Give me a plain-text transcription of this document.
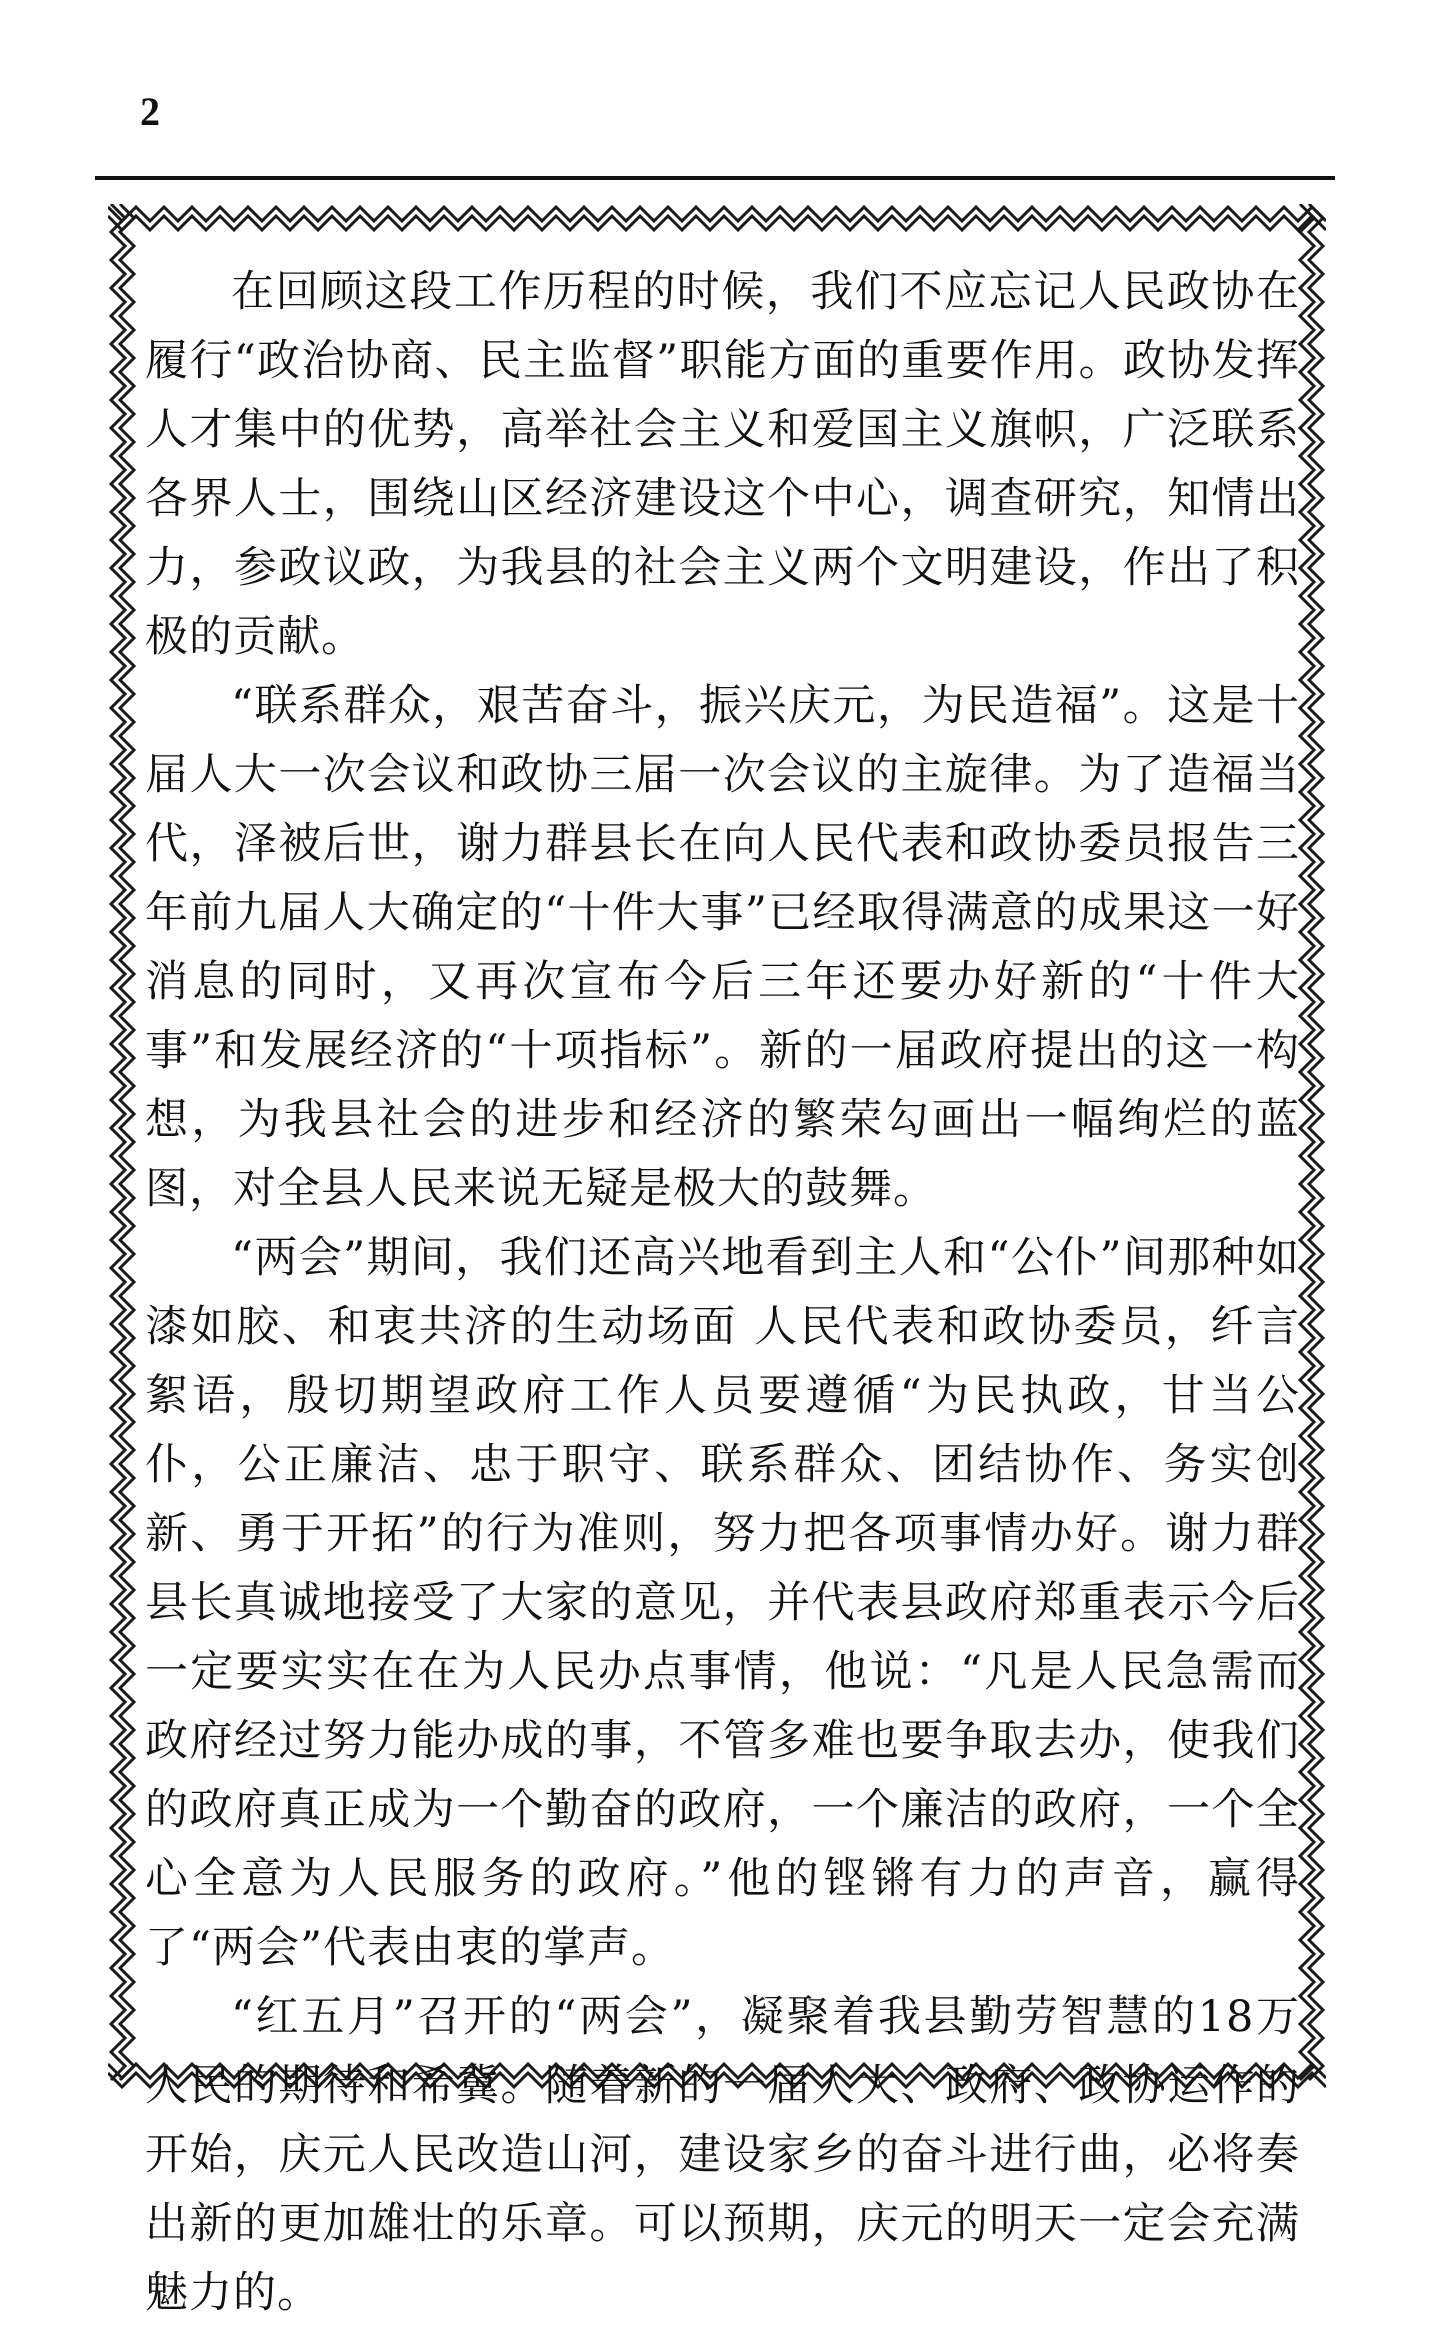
2

在回顾这段工作历程的时候，我们不应忘记人民政协在履行“政治协商、民主监督”职能方面的重要作用。政协发挥人才集中的优势，高举社会主义和爱国主义旗帜，广泛联系各界人士，围绕山区经济建设这个中心，调查研究，知情出力，参政议政，为我县的社会主义两个文明建设，作出了积极的贡献。

“联系群众，艰苦奋斗，振兴庆元，为民造福”。这是十届人大一次会议和政协三届一次会议的主旋律。为了造福当代，泽被后世，谢力群县长在向人民代表和政协委员报告三年前九届人大确定的“十件大事”已经取得满意的成果这一好消息的同时，又再次宣布今后三年还要办好新的“十件大事”和发展经济的“十项指标”。新的一届政府提出的这一构想，为我县社会的进步和经济的繁荣勾画出一幅绚烂的蓝图，对全县人民来说无疑是极大的鼓舞。

“两会”期间，我们还高兴地看到主人和“公仆”间那种如漆如胶、和衷共济的生动场面 人民代表和政协委员，纤言絮语，殷切期望政府工作人员要遵循“为民执政，甘当公仆，公正廉洁、忠于职守、联系群众、团结协作、务实创新、勇于开拓”的行为准则，努力把各项事情办好。谢力群县长真诚地接受了大家的意见，并代表县政府郑重表示今后一定要实实在在为人民办点事情，他说：“凡是人民急需而政府经过努力能办成的事，不管多难也要争取去办，使我们的政府真正成为一个勤奋的政府，一个廉洁的政府，一个全心全意为人民服务的政府。”他的铿锵有力的声音，赢得了“两会”代表由衷的掌声。

“红五月”召开的“两会”，凝聚着我县勤劳智慧的18万人民的期待和希冀。随着新的一届人大、政府、政协运作的开始，庆元人民改造山河，建设家乡的奋斗进行曲，必将奏出新的更加雄壮的乐章。可以预期，庆元的明天一定会充满魅力的。
